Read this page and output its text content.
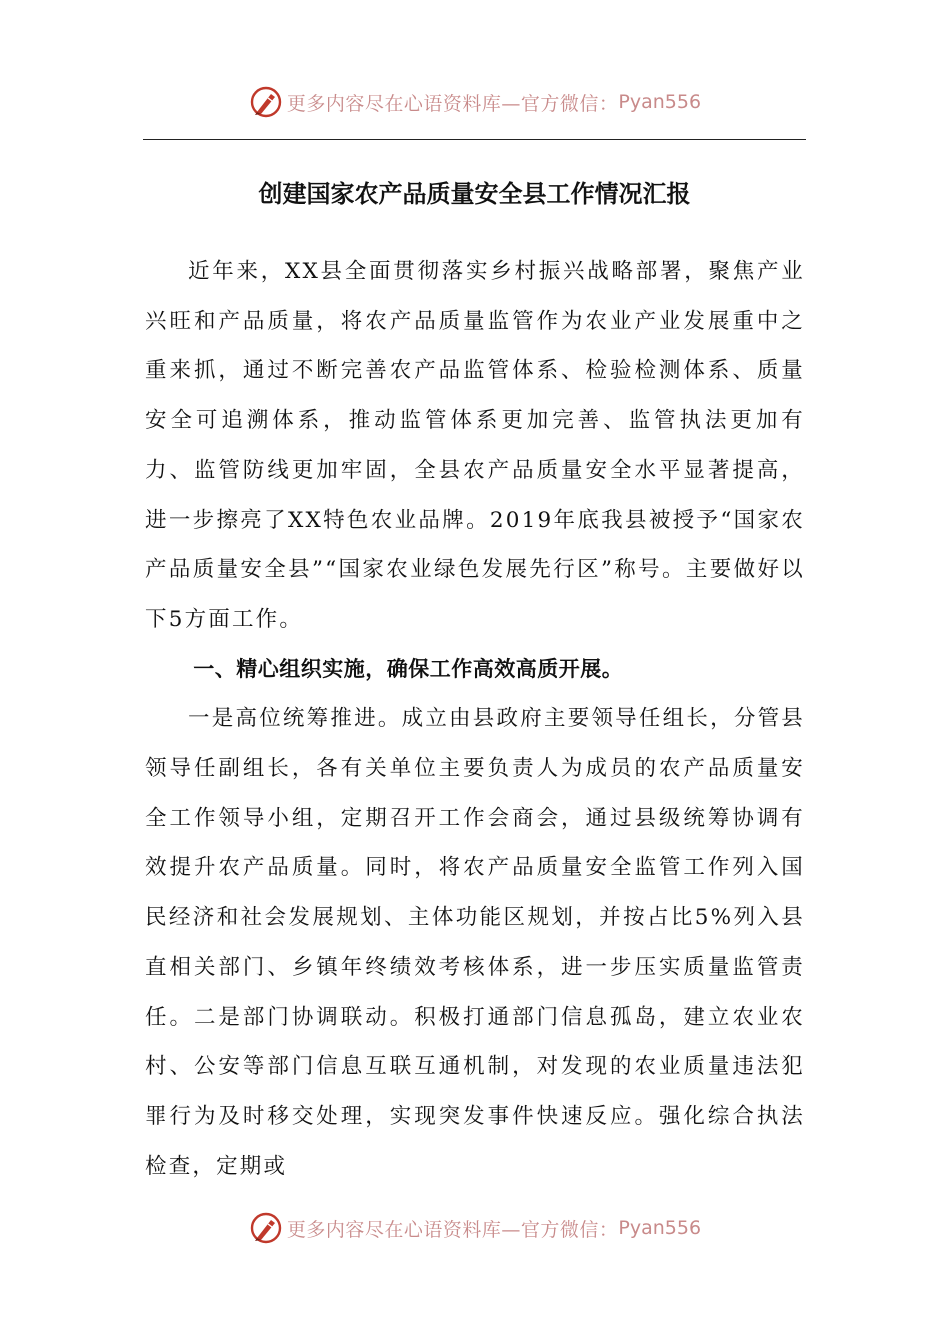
更多内容尽在心语资料库—官方微信： Pyan556
创建国家农产品质量安全县工作情况汇报

近年来，XX县全面贯彻落实乡村振兴战略部署，聚焦产业兴旺和产品质量，将农产品质量监管作为农业产业发展重中之重来抓，通过不断完善农产品监管体系、检验检测体系、质量安全可追溯体系，推动监管体系更加完善、监管执法更加有力、监管防线更加牢固，全县农产品质量安全水平显著提高，进一步擦亮了XX特色农业品牌。2019年底我县被授予“国家农产品质量安全县”“国家农业绿色发展先行区”称号。主要做好以下5方面工作。

一、精心组织实施，确保工作高效高质开展。

一是高位统筹推进。成立由县政府主要领导任组长，分管县领导任副组长，各有关单位主要负责人为成员的农产品质量安全工作领导小组，定期召开工作会商会，通过县级统筹协调有效提升农产品质量。同时，将农产品质量安全监管工作列入国民经济和社会发展规划、主体功能区规划，并按占比5%列入县直相关部门、乡镇年终绩效考核体系，进一步压实质量监管责任。二是部门协调联动。积极打通部门信息孤岛，建立农业农村、公安等部门信息互联互通机制，对发现的农业质量违法犯罪行为及时移交处理，实现突发事件快速反应。强化综合执法检查，定期或

更多内容尽在心语资料库—官方微信： Pyan556
